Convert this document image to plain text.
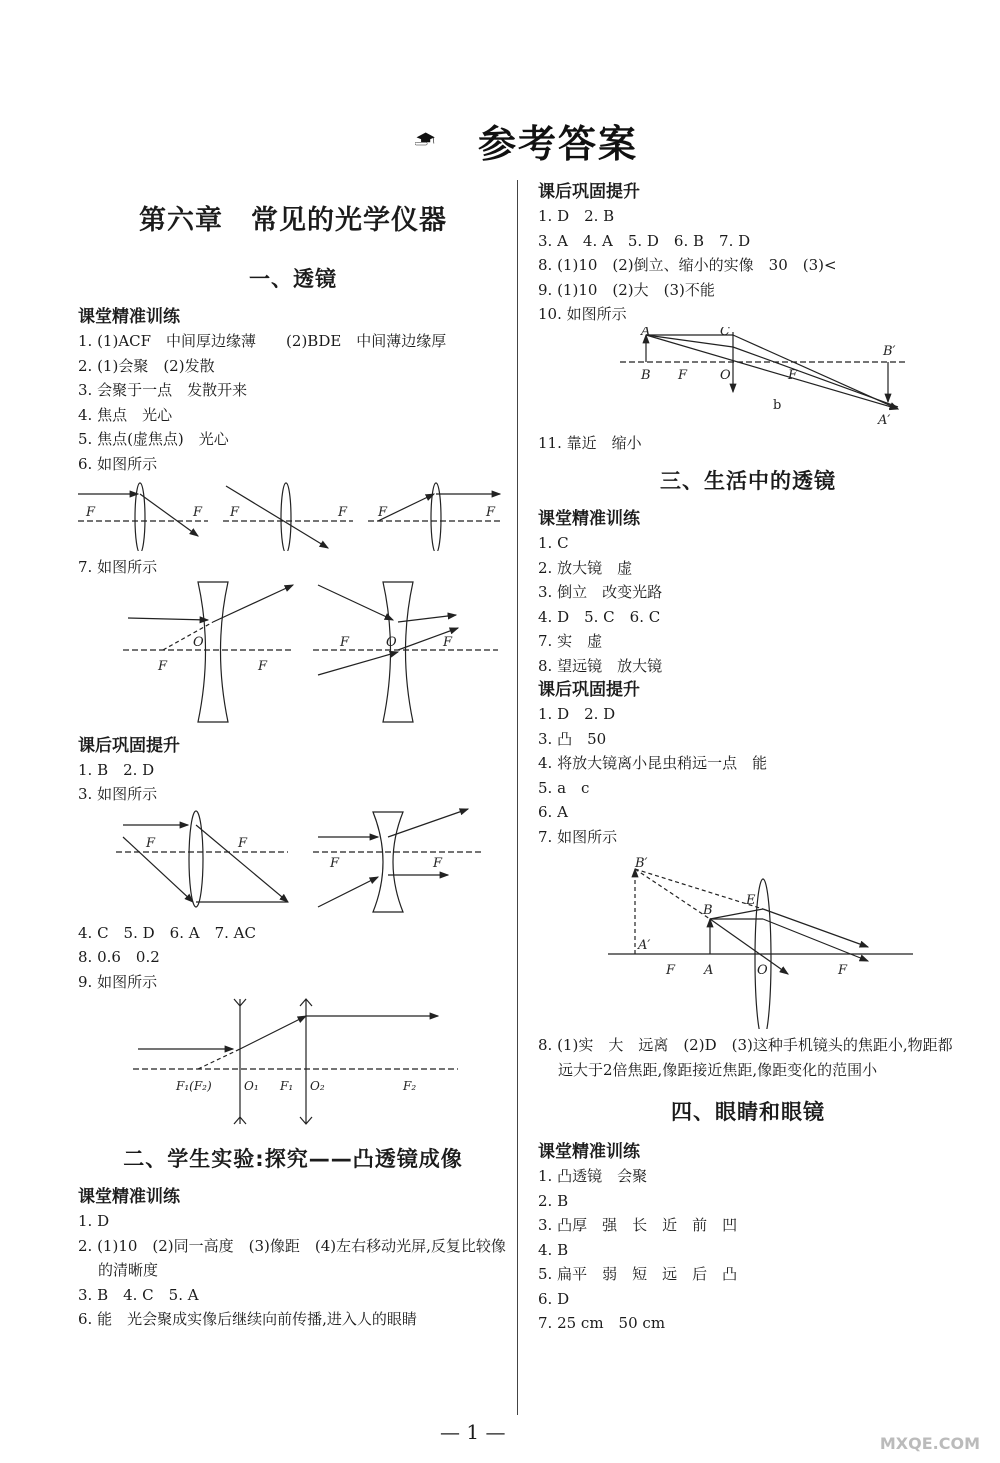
参考答案
第六章　常见的光学仪器
一、透镜
课堂精准训练
1. (1)ACF　中间厚边缘薄　　(2)BDE　中间薄边缘厚
2. (1)会聚　(2)发散
3. 会聚于一点　发散开来
4. 焦点　光心
5. 焦点(虚焦点)　光心
6. 如图所示
F	F F	F F	F
7. 如图所示
F
O
F
F	O	F
课后巩固提升
1. B　2. D
3. 如图所示
F	F
F	F
4. C　5. D　6. A　7. AC
8. 0.6　0.2
9. 如图所示
F₁(F₂)	O₁ F₁ O₂	F₂
二、学生实验:探究——凸透镜成像
课堂精准训练
1. D
2. (1)10　(2)同一高度　(3)像距　(4)左右移动光屏,反复比较像的清晰度
3. B　4. C　5. A
6. 能　光会聚成实像后继续向前传播,进入人的眼睛
课后巩固提升
1. D　2. B
3. A　4. A　5. D　6. B　7. D
8. (1)10　(2)倒立、缩小的实像　30　(3)<
9. (1)10　(2)大　(3)不能
10. 如图所示
A
B F
C
O	F
B′
A′
b
11. 靠近　缩小
三、生活中的透镜
课堂精准训练
1. C
2. 放大镜　虚
3. 倒立　改变光路
4. D　5. C　6. C
7. 实　虚
8. 望远镜　放大镜
课后巩固提升
1. D　2. D
3. 凸　50
4. 将放大镜离小昆虫稍远一点　能
5. a　c
6. A
7. 如图所示
B′
A′
B
E
F A	O	F
8. (1)实　大　远离　(2)D　(3)这种手机镜头的焦距小,物距都远大于2倍焦距,像距接近焦距,像距变化的范围小
四、眼睛和眼镜
课堂精准训练
1. 凸透镜　会聚
2. B
3. 凸厚　强　长　近　前　凹
4. B
5. 扁平　弱　短　远　后　凸
6. D
7. 25 cm　50 cm
— 1 —	MXQE.COM
